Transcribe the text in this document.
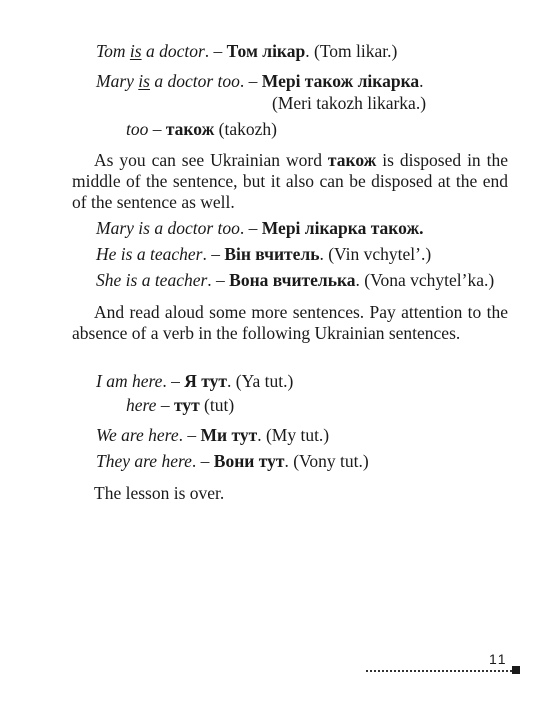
Tom is a doctor. – Том лікар. (Tom likar.)
Mary is a doctor too. – Мері також лікарка.
(Meri takozh likarka.)
too – також (takozh)
As you can see Ukrainian word також is disposed in the middle of the sentence, but it also can be disposed at the end of the sentence as well.
Mary is a doctor too. – Мері лікарка також.
He is a teacher. – Він вчитель. (Vin vchytel’.)
She is a teacher. – Вона вчителька. (Vona vchytel’ka.)
And read aloud some more sentences. Pay attention to the absence of a verb in the following Ukrainian sentences.
I am here. – Я тут. (Ya tut.)
here – тут (tut)
We are here. – Ми тут. (My tut.)
They are here. – Вони тут. (Vony tut.)
The lesson is over.
11
